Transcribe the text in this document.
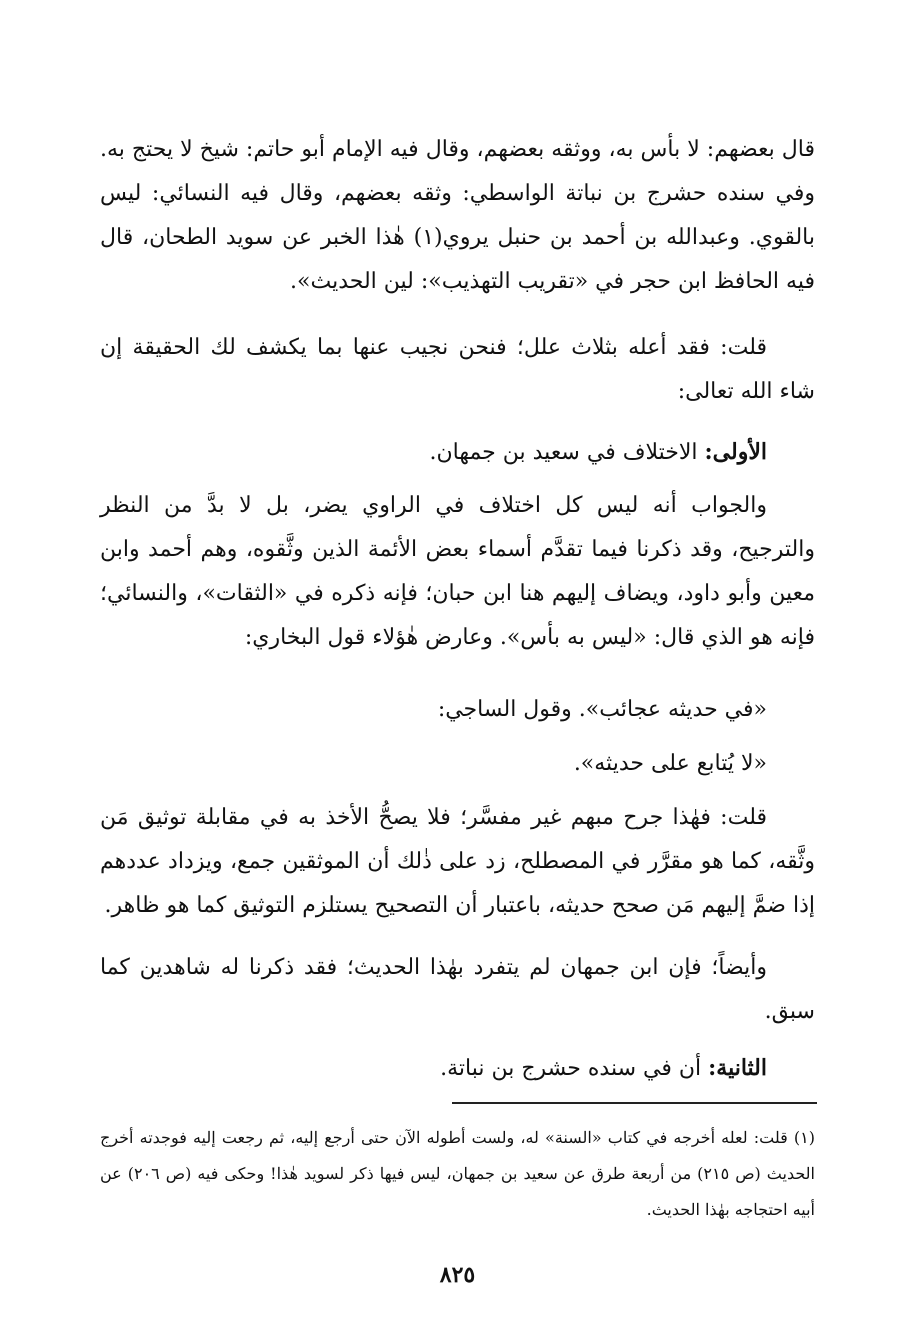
قال بعضهم: لا بأس به، ووثقه بعضهم، وقال فيه الإمام أبو حاتم: شيخ لا يحتج به. وفي سنده حشرج بن نباتة الواسطي: وثقه بعضهم، وقال فيه النسائي: ليس بالقوي. وعبدالله بن أحمد بن حنبل يروي(١) هٰذا الخبر عن سويد الطحان، قال فيه الحافظ ابن حجر في «تقريب التهذيب»: لين الحديث».

قلت: فقد أعله بثلاث علل؛ فنحن نجيب عنها بما يكشف لك الحقيقة إن شاء الله تعالى:

الأولى: الاختلاف في سعيد بن جمهان.

والجواب أنه ليس كل اختلاف في الراوي يضر، بل لا بدَّ من النظر والترجيح، وقد ذكرنا فيما تقدَّم أسماء بعض الأئمة الذين وثَّقوه، وهم أحمد وابن معين وأبو داود، ويضاف إليهم هنا ابن حبان؛ فإنه ذكره في «الثقات»، والنسائي؛ فإنه هو الذي قال: «ليس به بأس». وعارض هٰؤلاء قول البخاري:

«في حديثه عجائب». وقول الساجي:

«لا يُتابع على حديثه».

قلت: فهٰذا جرح مبهم غير مفسَّر؛ فلا يصحُّ الأخذ به في مقابلة توثيق مَن وثَّقه، كما هو مقرَّر في المصطلح، زد على ذٰلك أن الموثقين جمع، ويزداد عددهم إذا ضمَّ إليهم مَن صحح حديثه، باعتبار أن التصحيح يستلزم التوثيق كما هو ظاهر.

وأيضاً؛ فإن ابن جمهان لم يتفرد بهٰذا الحديث؛ فقد ذكرنا له شاهدين كما سبق.

الثانية: أن في سنده حشرج بن نباتة.

(١) قلت: لعله أخرجه في كتاب «السنة» له، ولست أطوله الآن حتى أرجع إليه، ثم رجعت إليه فوجدته أخرج الحديث (ص ٢١٥) من أربعة طرق عن سعيد بن جمهان، ليس فيها ذكر لسويد هٰذا! وحكى فيه (ص ٢٠٦) عن أبيه احتجاجه بهٰذا الحديث.

٨٢٥
